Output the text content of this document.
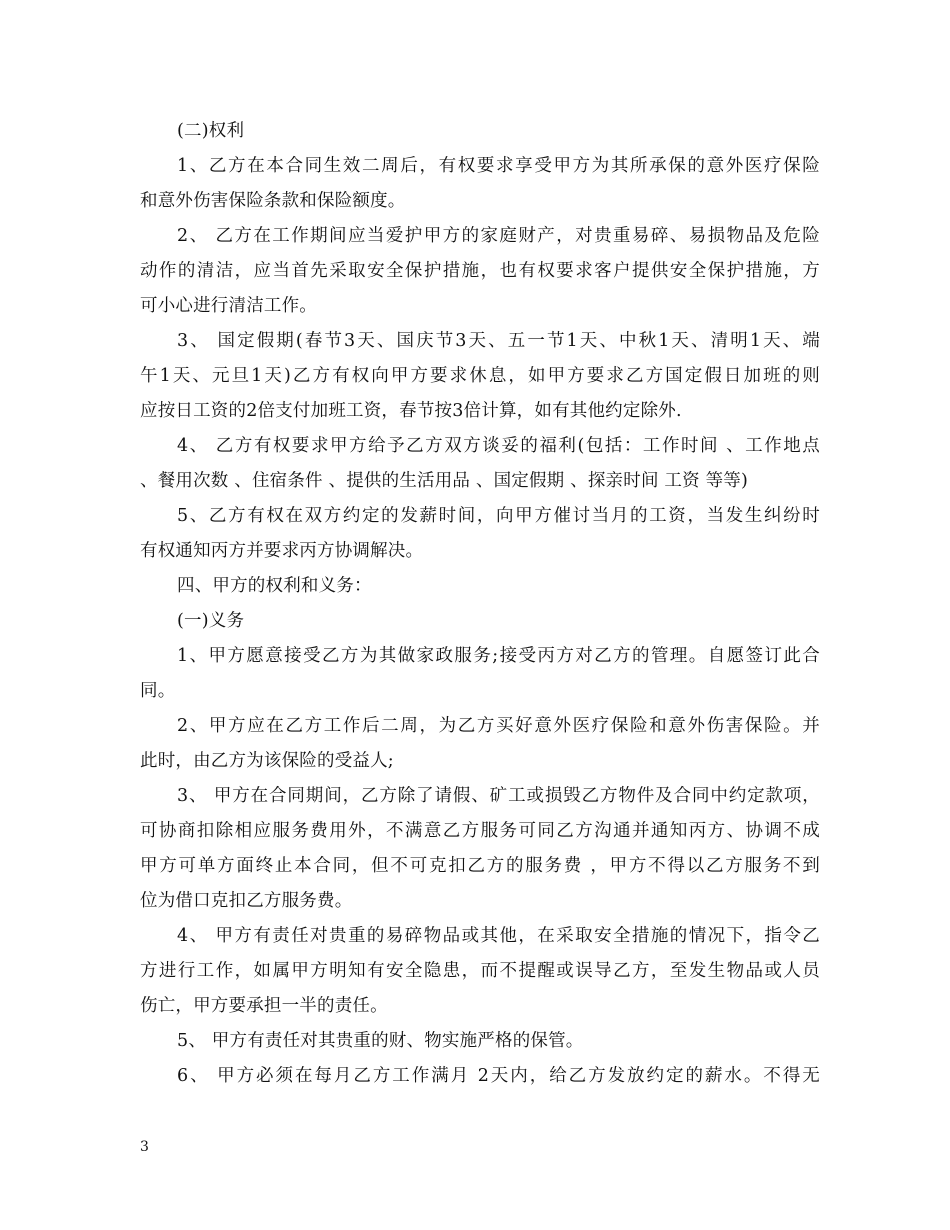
(二)权利
1、乙方在本合同生效二周后，有权要求享受甲方为其所承保的意外医疗保险
和意外伤害保险条款和保险额度。
2、 乙方在工作期间应当爱护甲方的家庭财产，对贵重易碎、易损物品及危险
动作的清洁，应当首先采取安全保护措施，也有权要求客户提供安全保护措施，方
可小心进行清洁工作。
3、 国定假期(春节3天、国庆节3天、五一节1天、中秋1天、清明1天、端
午1天、元旦1天)乙方有权向甲方要求休息，如甲方要求乙方国定假日加班的则
应按日工资的2倍支付加班工资，春节按3倍计算，如有其他约定除外.
4、 乙方有权要求甲方给予乙方双方谈妥的福利(包括：工作时间 、工作地点
、餐用次数 、住宿条件 、提供的生活用品 、国定假期 、探亲时间 工资 等等)
5、乙方有权在双方约定的发薪时间，向甲方催讨当月的工资，当发生纠纷时
有权通知丙方并要求丙方协调解决。
四、甲方的权利和义务：
(一)义务
1、甲方愿意接受乙方为其做家政服务;接受丙方对乙方的管理。自愿签订此合
同。
2、甲方应在乙方工作后二周，为乙方买好意外医疗保险和意外伤害保险。并
此时，由乙方为该保险的受益人;
3、 甲方在合同期间，乙方除了请假、矿工或损毁乙方物件及合同中约定款项，
可协商扣除相应服务费用外，不满意乙方服务可同乙方沟通并通知丙方、协调不成
甲方可单方面终止本合同，但不可克扣乙方的服务费 ，甲方不得以乙方服务不到
位为借口克扣乙方服务费。
4、 甲方有责任对贵重的易碎物品或其他，在采取安全措施的情况下，指令乙
方进行工作，如属甲方明知有安全隐患，而不提醒或误导乙方，至发生物品或人员
伤亡，甲方要承担一半的责任。
5、 甲方有责任对其贵重的财、物实施严格的保管。
6、 甲方必须在每月乙方工作满月 2天内，给乙方发放约定的薪水。不得无
3
